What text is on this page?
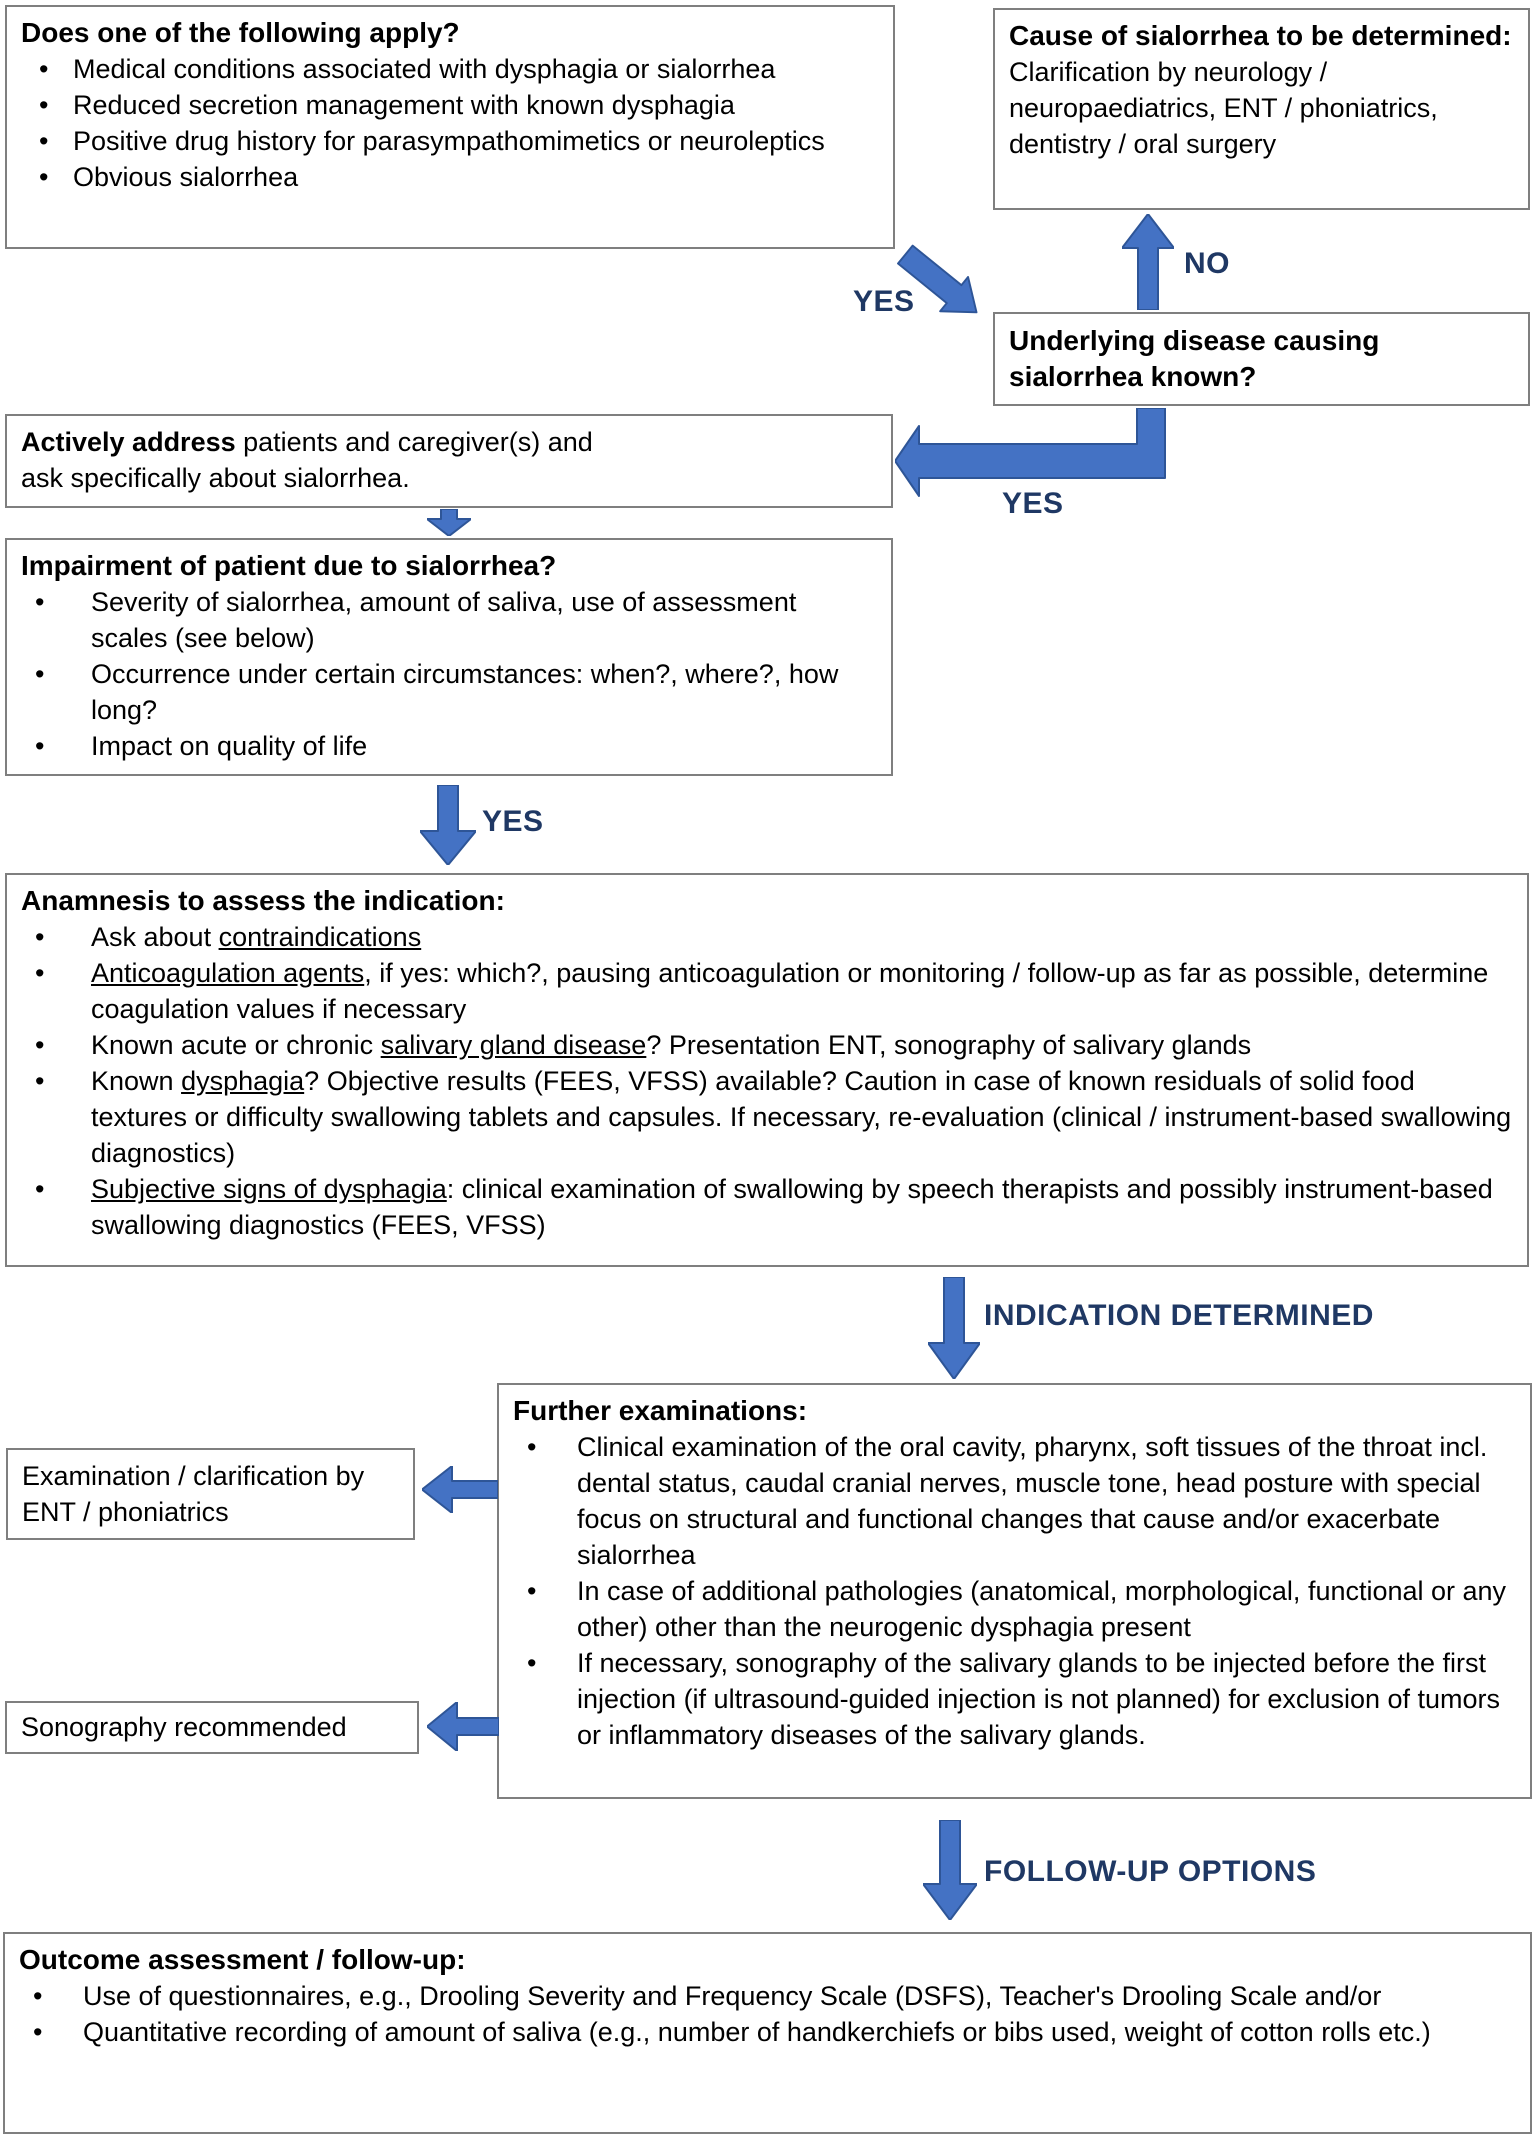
Does one of the following apply?
• Medical conditions associated with dysphagia or sialorrhea
• Reduced secretion management with known dysphagia
• Positive drug history for parasympathomimetics or neuroleptics
• Obvious sialorrhea
Cause of sialorrhea to be determined:
Clarification by neurology / neuropaediatrics, ENT / phoniatrics, dentistry / oral surgery
YES
NO
Underlying disease causing sialorrhea known?
YES
Actively address patients and caregiver(s) and
ask specifically about sialorrhea.
Impairment of patient due to sialorrhea?
• Severity of sialorrhea, amount of saliva, use of assessment scales (see below)
• Occurrence under certain circumstances: when?, where?, how long?
• Impact on quality of life
YES
Anamnesis to assess the indication:
• Ask about contraindications
• Anticoagulation agents, if yes: which?, pausing anticoagulation or monitoring / follow-up as far as possible, determine coagulation values if necessary
• Known acute or chronic salivary gland disease? Presentation ENT, sonography of salivary glands
• Known dysphagia? Objective results (FEES, VFSS) available? Caution in case of known residuals of solid food textures or difficulty swallowing tablets and capsules. If necessary, re-evaluation (clinical / instrument-based swallowing diagnostics)
• Subjective signs of dysphagia: clinical examination of swallowing by speech therapists and possibly instrument-based swallowing diagnostics (FEES, VFSS)
INDICATION DETERMINED
Further examinations:
• Clinical examination of the oral cavity, pharynx, soft tissues of the throat incl. dental status, caudal cranial nerves, muscle tone, head posture with special focus on structural and functional changes that cause and/or exacerbate sialorrhea
• In case of additional pathologies (anatomical, morphological, functional or any other) other than the neurogenic dysphagia present
• If necessary, sonography of the salivary glands to be injected before the first injection (if ultrasound-guided injection is not planned) for exclusion of tumors or inflammatory diseases of the salivary glands.
Examination / clarification by ENT / phoniatrics
Sonography recommended
FOLLOW-UP OPTIONS
Outcome assessment / follow-up:
• Use of questionnaires, e.g., Drooling Severity and Frequency Scale (DSFS), Teacher's Drooling Scale and/or
• Quantitative recording of amount of saliva (e.g., number of handkerchiefs or bibs used, weight of cotton rolls etc.)
